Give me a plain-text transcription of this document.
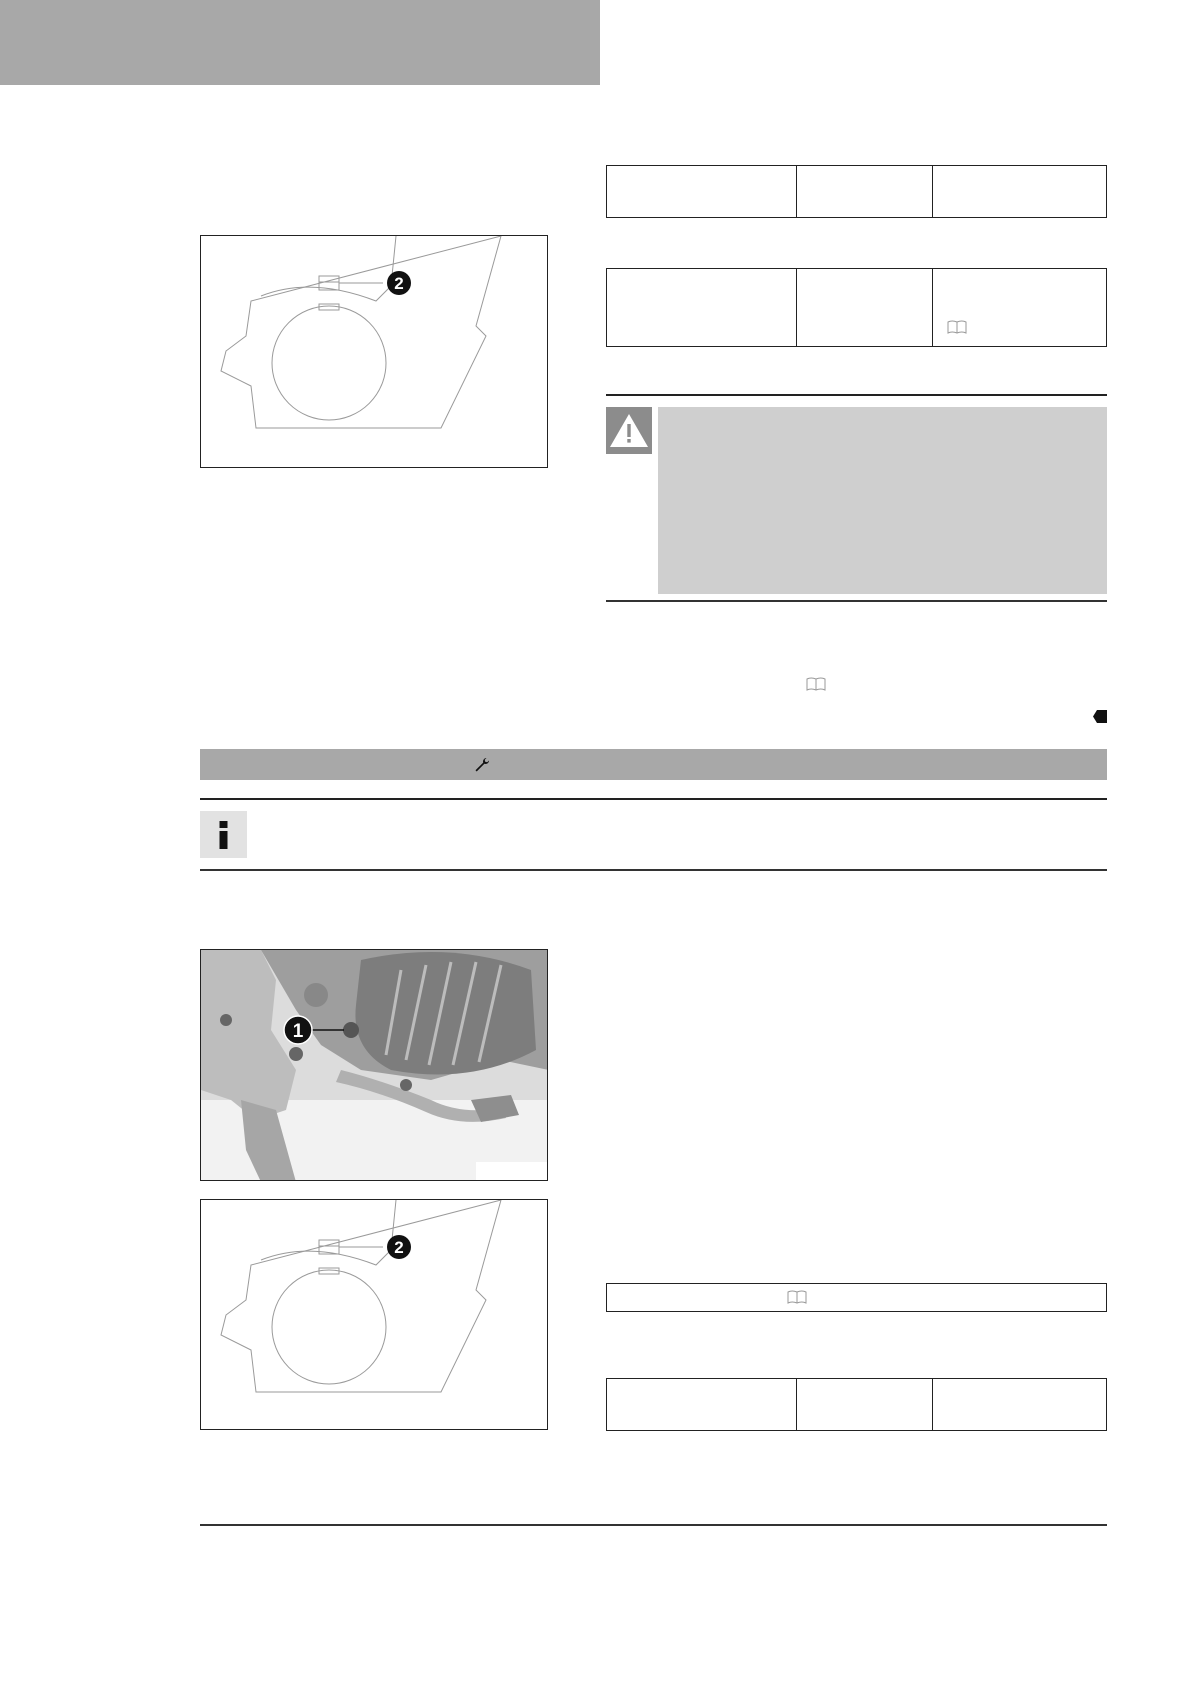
2
1
2
